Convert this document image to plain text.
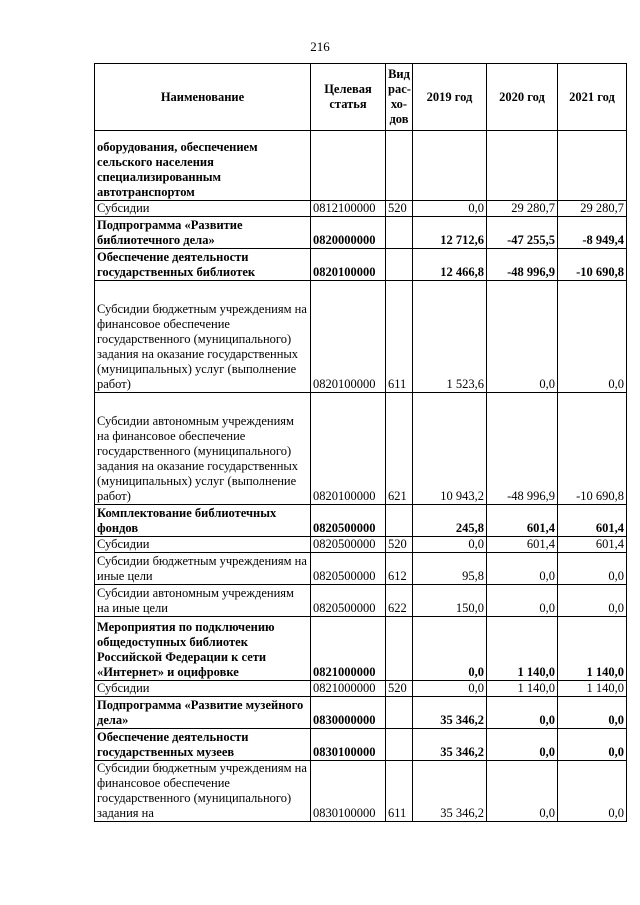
216
Наименование	Целевая статья	Вид рас-хо-дов	2019 год	2020 год	2021 год
оборудования, обеспечением сельского населения специализированным автотранспортом					
Субсидии	0812100000	520	0,0	29 280,7	29 280,7
Подпрограмма «Развитие библиотечного дела»	0820000000		12 712,6	-47 255,5	-8 949,4
Обеспечение деятельности государственных библиотек	0820100000		12 466,8	-48 996,9	-10 690,8
Субсидии бюджетным учреждениям на финансовое обеспечение государственного (муниципального) задания на оказание государственных (муниципальных) услуг (выполнение работ)	0820100000	611	1 523,6	0,0	0,0
Субсидии автономным учреждениям на финансовое обеспечение государственного (муниципального) задания на оказание государственных (муниципальных) услуг (выполнение работ)	0820100000	621	10 943,2	-48 996,9	-10 690,8
Комплектование библиотечных фондов	0820500000		245,8	601,4	601,4
Субсидии	0820500000	520	0,0	601,4	601,4
Субсидии бюджетным учреждениям на иные цели	0820500000	612	95,8	0,0	0,0
Субсидии автономным учреждениям на иные цели	0820500000	622	150,0	0,0	0,0
Мероприятия по подключению общедоступных библиотек Российской Федерации к сети «Интернет» и оцифровке	0821000000		0,0	1 140,0	1 140,0
Субсидии	0821000000	520	0,0	1 140,0	1 140,0
Подпрограмма «Развитие музейного дела»	0830000000		35 346,2	0,0	0,0
Обеспечение деятельности государственных музеев	0830100000		35 346,2	0,0	0,0
Субсидии бюджетным учреждениям на финансовое обеспечение государственного (муниципального) задания на	0830100000	611	35 346,2	0,0	0,0
